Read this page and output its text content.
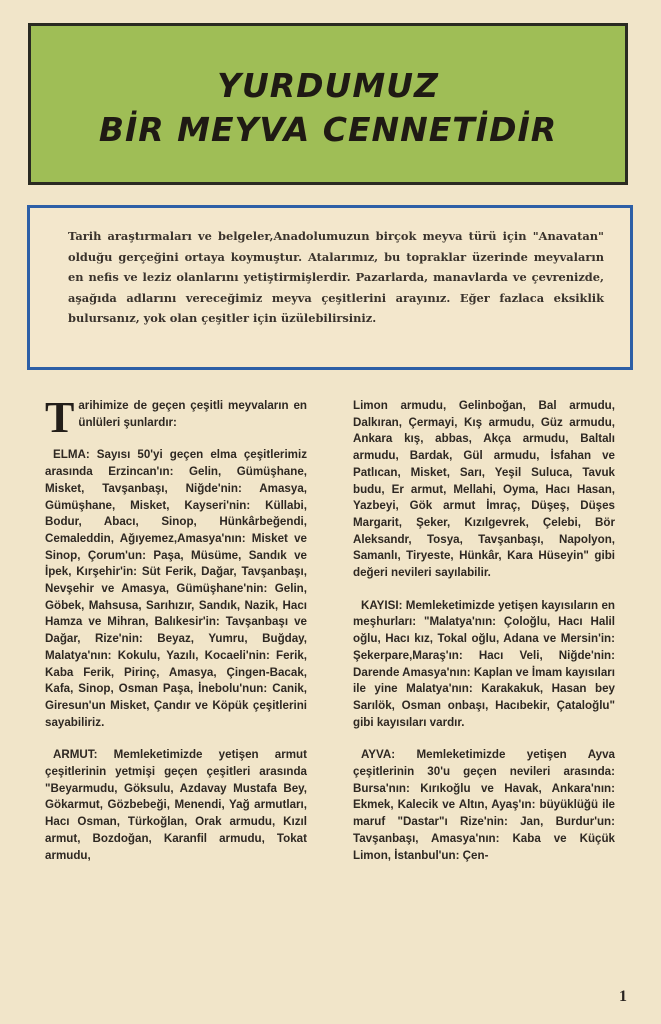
YURDUMUZ
BİR MEYVA CENNETİDİR
Tarih araştırmaları ve belgeler,Anadolumuzun birçok meyva türü için "Anavatan" olduğu gerçeğini ortaya koymuştur. Atalarımız, bu topraklar üzerinde meyvaların en nefis ve leziz olanlarını yetiştirmişlerdir. Pazarlarda, manavlarda ve çevrenizde, aşağıda adlarını vereceğimiz meyva çeşitlerini arayınız. Eğer fazlaca eksiklik bulursanız, yok olan çeşitler için üzülebilirsiniz.

T arihimize de geçen çeşitli meyvaların en ünlüleri şunlardır:

ELMA: Sayısı 50'yi geçen elma çeşitlerimiz arasında Erzincan'ın: Gelin, Gümüşhane, Misket, Tavşanbaşı, Niğde'nin: Amasya, Gümüşhane, Misket, Kayseri'nin: Küllabi, Bodur, Abacı, Sinop, Hünkârbeğendi, Cemaleddin, Ağıyemez,Amasya'nın: Misket ve Sinop, Çorum'un: Paşa, Müsüme, Sandık ve İpek, Kırşehir'in: Süt Ferik, Dağar, Tavşanbaşı, Nevşehir ve Amasya, Gümüşhane'nin: Gelin, Göbek, Mahsusa, Sarıhızır, Sandık, Nazik, Hacı Hamza ve Mihran, Balıkesir'in: Tavşanbaşı ve Dağar, Rize'nin: Beyaz, Yumru, Buğday, Malatya'nın: Kokulu, Yazılı, Kocaeli'nin: Ferik, Kaba Ferik, Pirinç, Amasya, Çingen-Bacak, Kafa, Sinop, Osman Paşa, İnebolu'nun: Canik, Giresun'un Misket, Çandır ve Köpük çeşitlerini sayabiliriz.

ARMUT: Memleketimizde yetişen armut çeşitlerinin yetmişi geçen çeşitleri arasında "Beyarmudu, Göksulu, Azdavay Mustafa Bey, Gökarmut, Gözbebeği, Menendi, Yağ armutları, Hacı Osman, Türkoğlan, Orak armudu, Kızıl armut, Bozdoğan, Karanfil armudu, Tokat armudu,

Limon armudu, Gelinboğan, Bal armudu, Dalkıran, Çermayi, Kış armudu, Güz armudu, Ankara kış, abbas, Akça armudu, Baltalı armudu, Bardak, Gül armudu, İsfahan ve Patlıcan, Misket, Sarı, Yeşil Suluca, Tavuk budu, Er armut, Mellahi, Oyma, Hacı Hasan, Yazbeyi, Gök armut İmraç, Düşeş, Düşes Margarit, Şeker, Kızılgevrek, Çelebi, Bör Aleksandr, Tosya, Tavşanbaşı, Napolyon, Samanlı, Tiryeste, Hünkâr, Kara Hüseyin" gibi değeri nevileri sayılabilir.

KAYISI: Memleketimizde yetişen kayısıların en meşhurları: "Malatya'nın: Çoloğlu, Hacı Halil oğlu, Hacı kız, Tokal oğlu, Adana ve Mersin'in: Şekerpare,Maraş'ın: Hacı Veli, Niğde'nin: Darende Amasya'nın: Kaplan ve İmam kayısıları ile yine Malatya'nın: Karakakuk, Hasan bey Sarılök, Osman onbaşı, Hacıbekir, Çataloğlu" gibi kayısıları vardır.

AYVA: Memleketimizde yetişen Ayva çeşitlerinin 30'u geçen nevileri arasında: Bursa'nın: Kırıkoğlu ve Havak, Ankara'nın: Ekmek, Kalecik ve Altın, Ayaş'ın: büyüklüğü ile maruf "Dastar"ı Rize'nin: Jan, Burdur'un: Tavşanbaşı, Amasya'nın: Kaba ve Küçük Limon, İstanbul'un: Çen-

1
